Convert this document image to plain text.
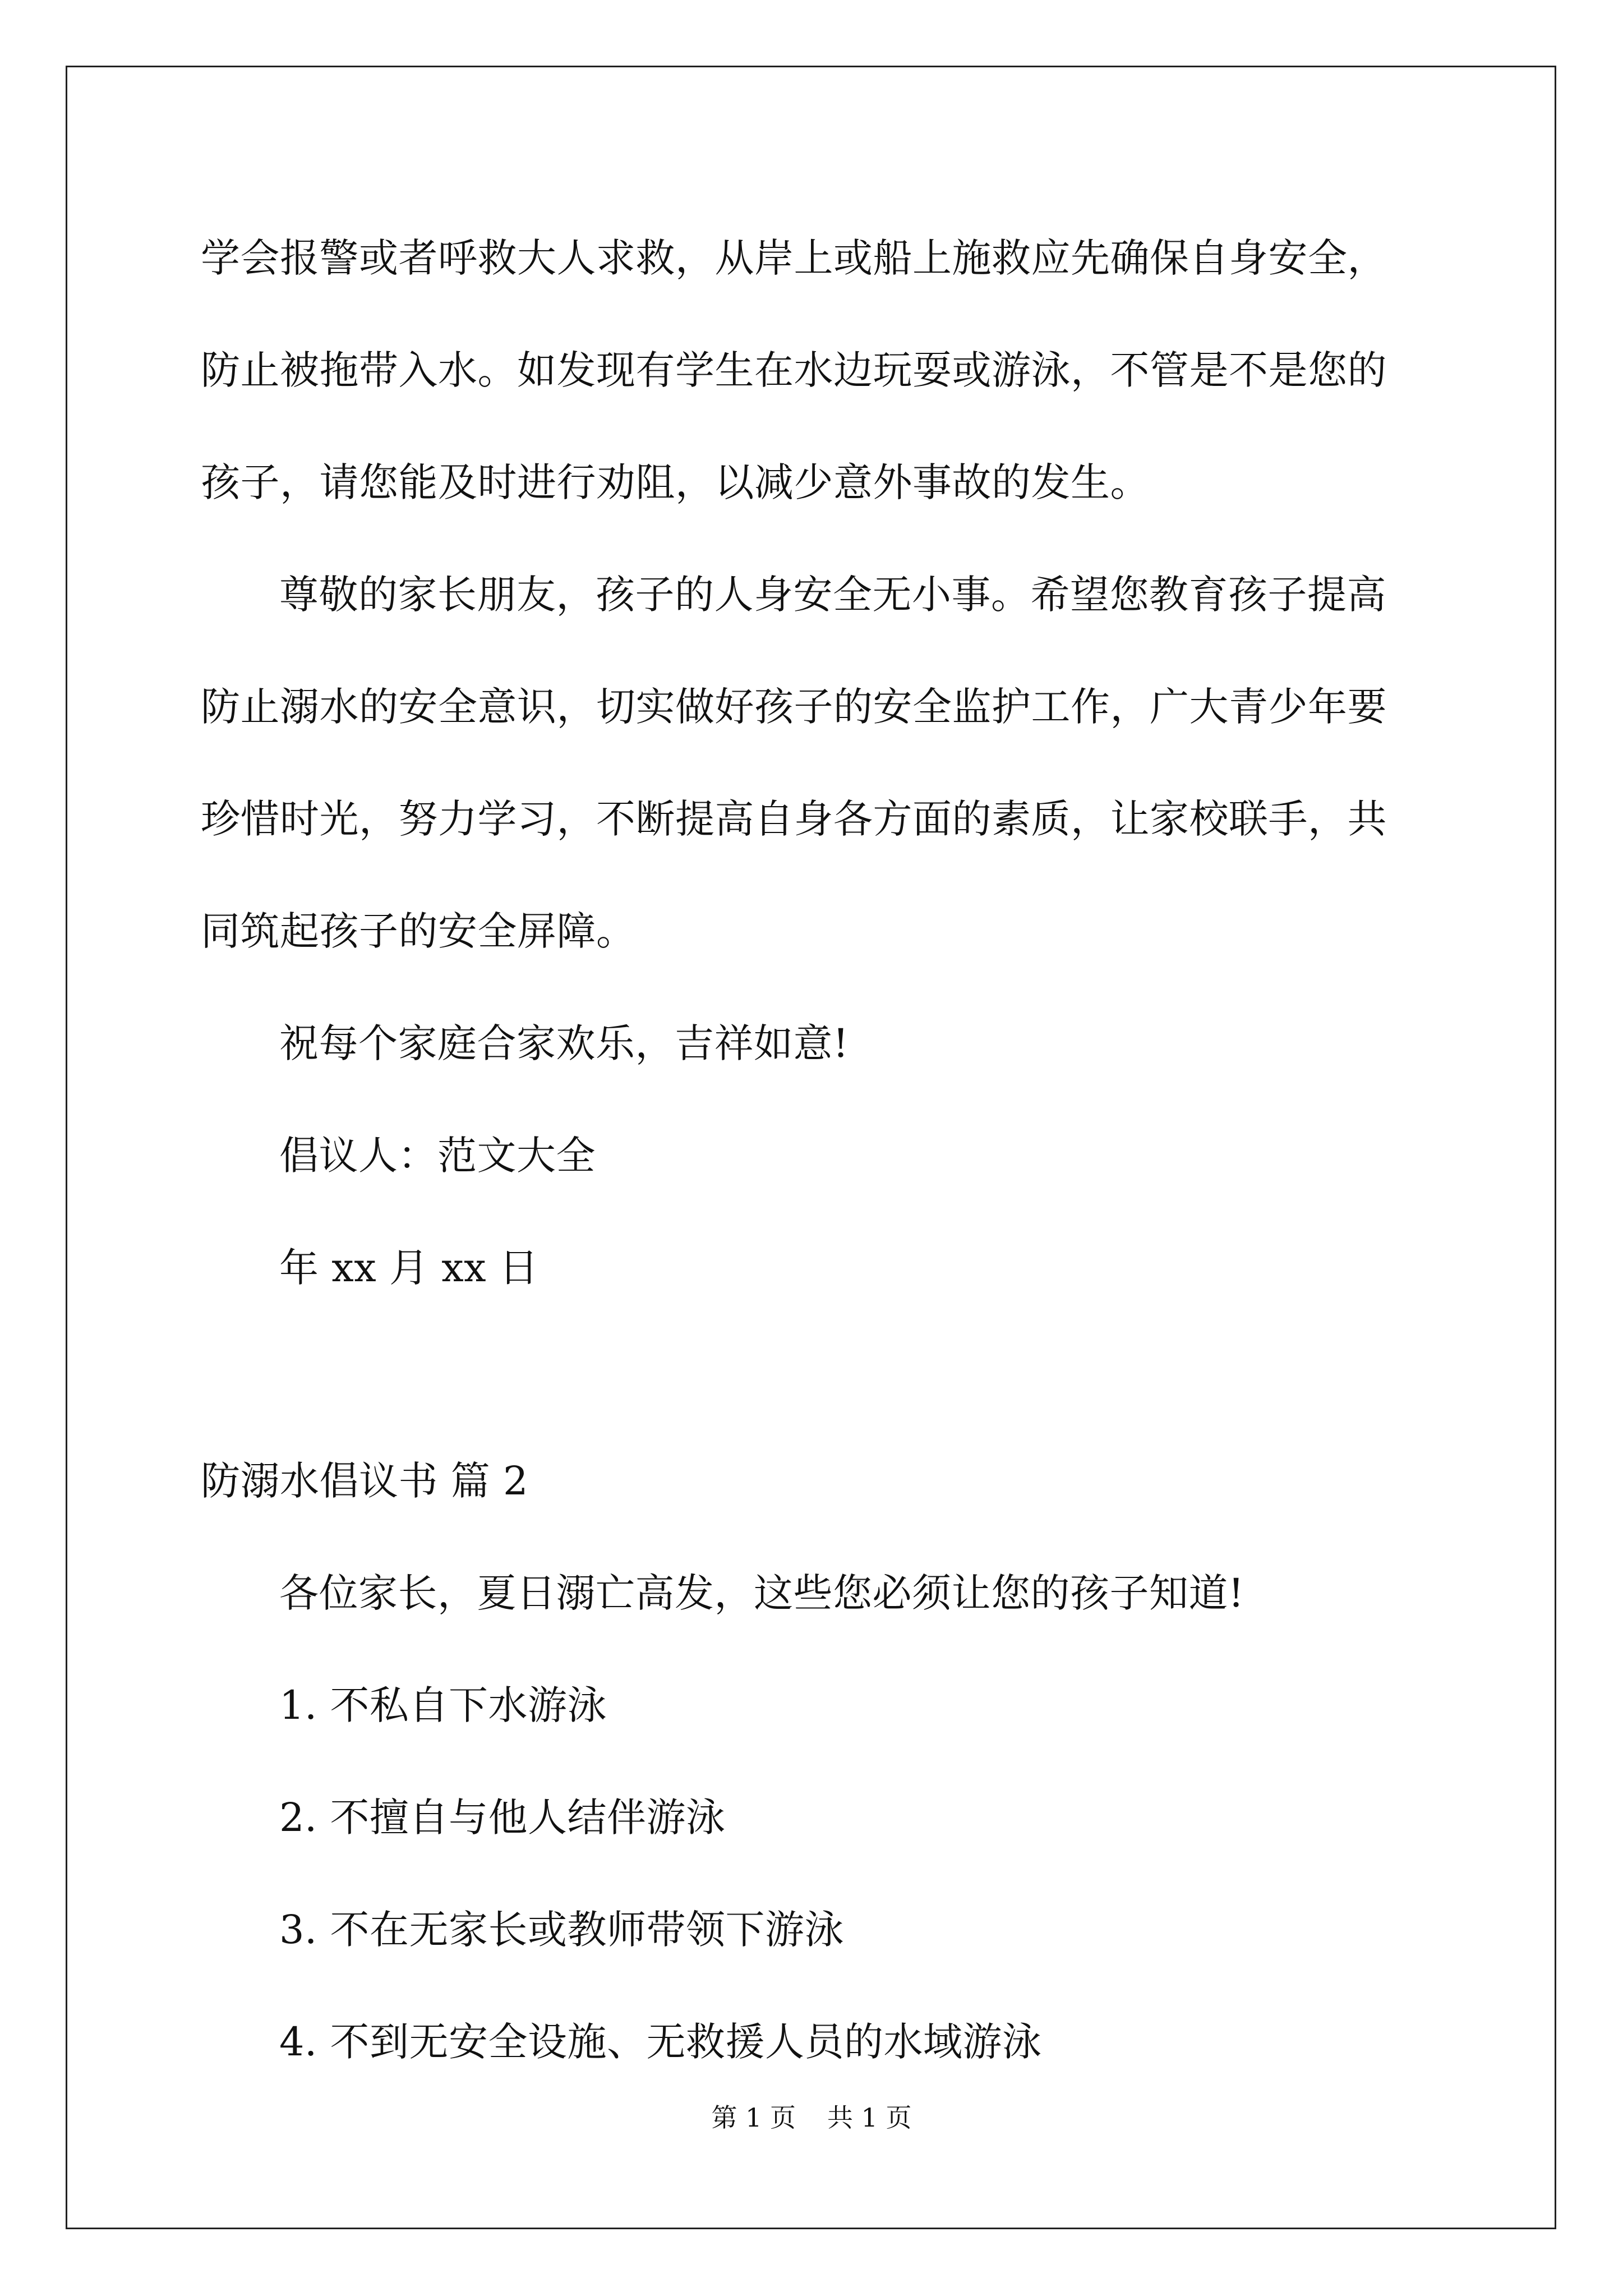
学会报警或者呼救大人求救，从岸上或船上施救应先确保自身安全，
防止被拖带入水。如发现有学生在水边玩耍或游泳，不管是不是您的
孩子，请您能及时进行劝阻，以减少意外事故的发生。
尊敬的家长朋友，孩子的人身安全无小事。希望您教育孩子提高
防止溺水的安全意识，切实做好孩子的安全监护工作，广大青少年要
珍惜时光，努力学习，不断提高自身各方面的素质，让家校联手，共
同筑起孩子的安全屏障。
祝每个家庭合家欢乐，吉祥如意!
倡议人：范文大全
年 xx 月 xx 日
防溺水倡议书 篇 2
各位家长，夏日溺亡高发，这些您必须让您的孩子知道!
1. 不私自下水游泳
2. 不擅自与他人结伴游泳
3. 不在无家长或教师带领下游泳
4. 不到无安全设施、无救援人员的水域游泳
第 1 页 共 1 页
